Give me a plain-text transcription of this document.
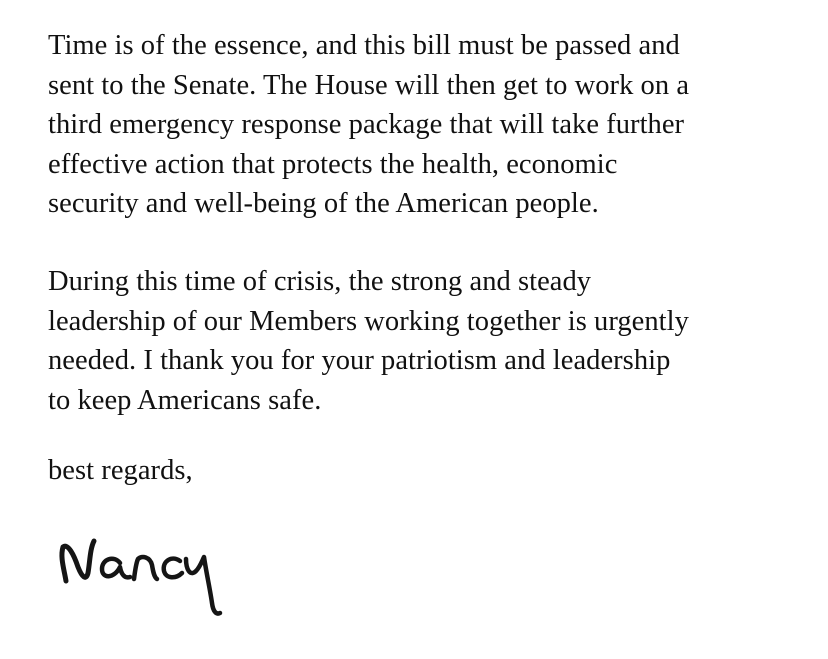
Time is of the essence, and this bill must be passed and
sent to the Senate. The House will then get to work on a
third emergency response package that will take further
effective action that protects the health, economic
security and well-being of the American people.

During this time of crisis, the strong and steady
leadership of our Members working together is urgently
needed. I thank you for your patriotism and leadership
to keep Americans safe.

best regards,
